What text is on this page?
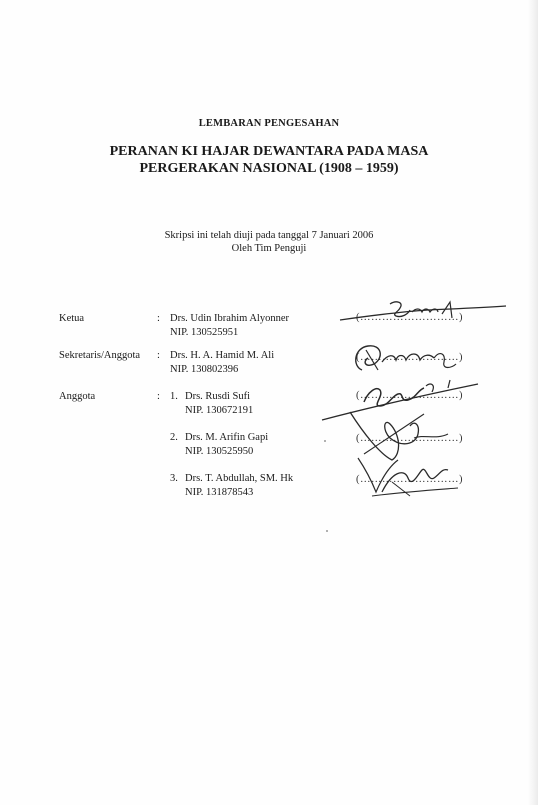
LEMBARAN PENGESAHAN
PERANAN KI HAJAR DEWANTARA PADA MASA
PERGERAKAN NASIONAL (1908 – 1959)
Skripsi ini telah diuji pada tanggal 7 Januari 2006
Oleh Tim Penguji
Ketua	: Drs. Udin Ibrahim Alyonner
NIP. 130525951
Sekretaris/Anggota : Drs. H. A. Hamid M. Ali
NIP. 130802396
Anggota	: 1. Drs. Rusdi Sufi
NIP. 130672191
2. Drs. M. Arifin Gapi
NIP. 130525950
3. Drs. T. Abdullah, SM. Hk
NIP. 131878543
(………………………)
(………………………)
(………………………)
(………………………)
(………………………)
